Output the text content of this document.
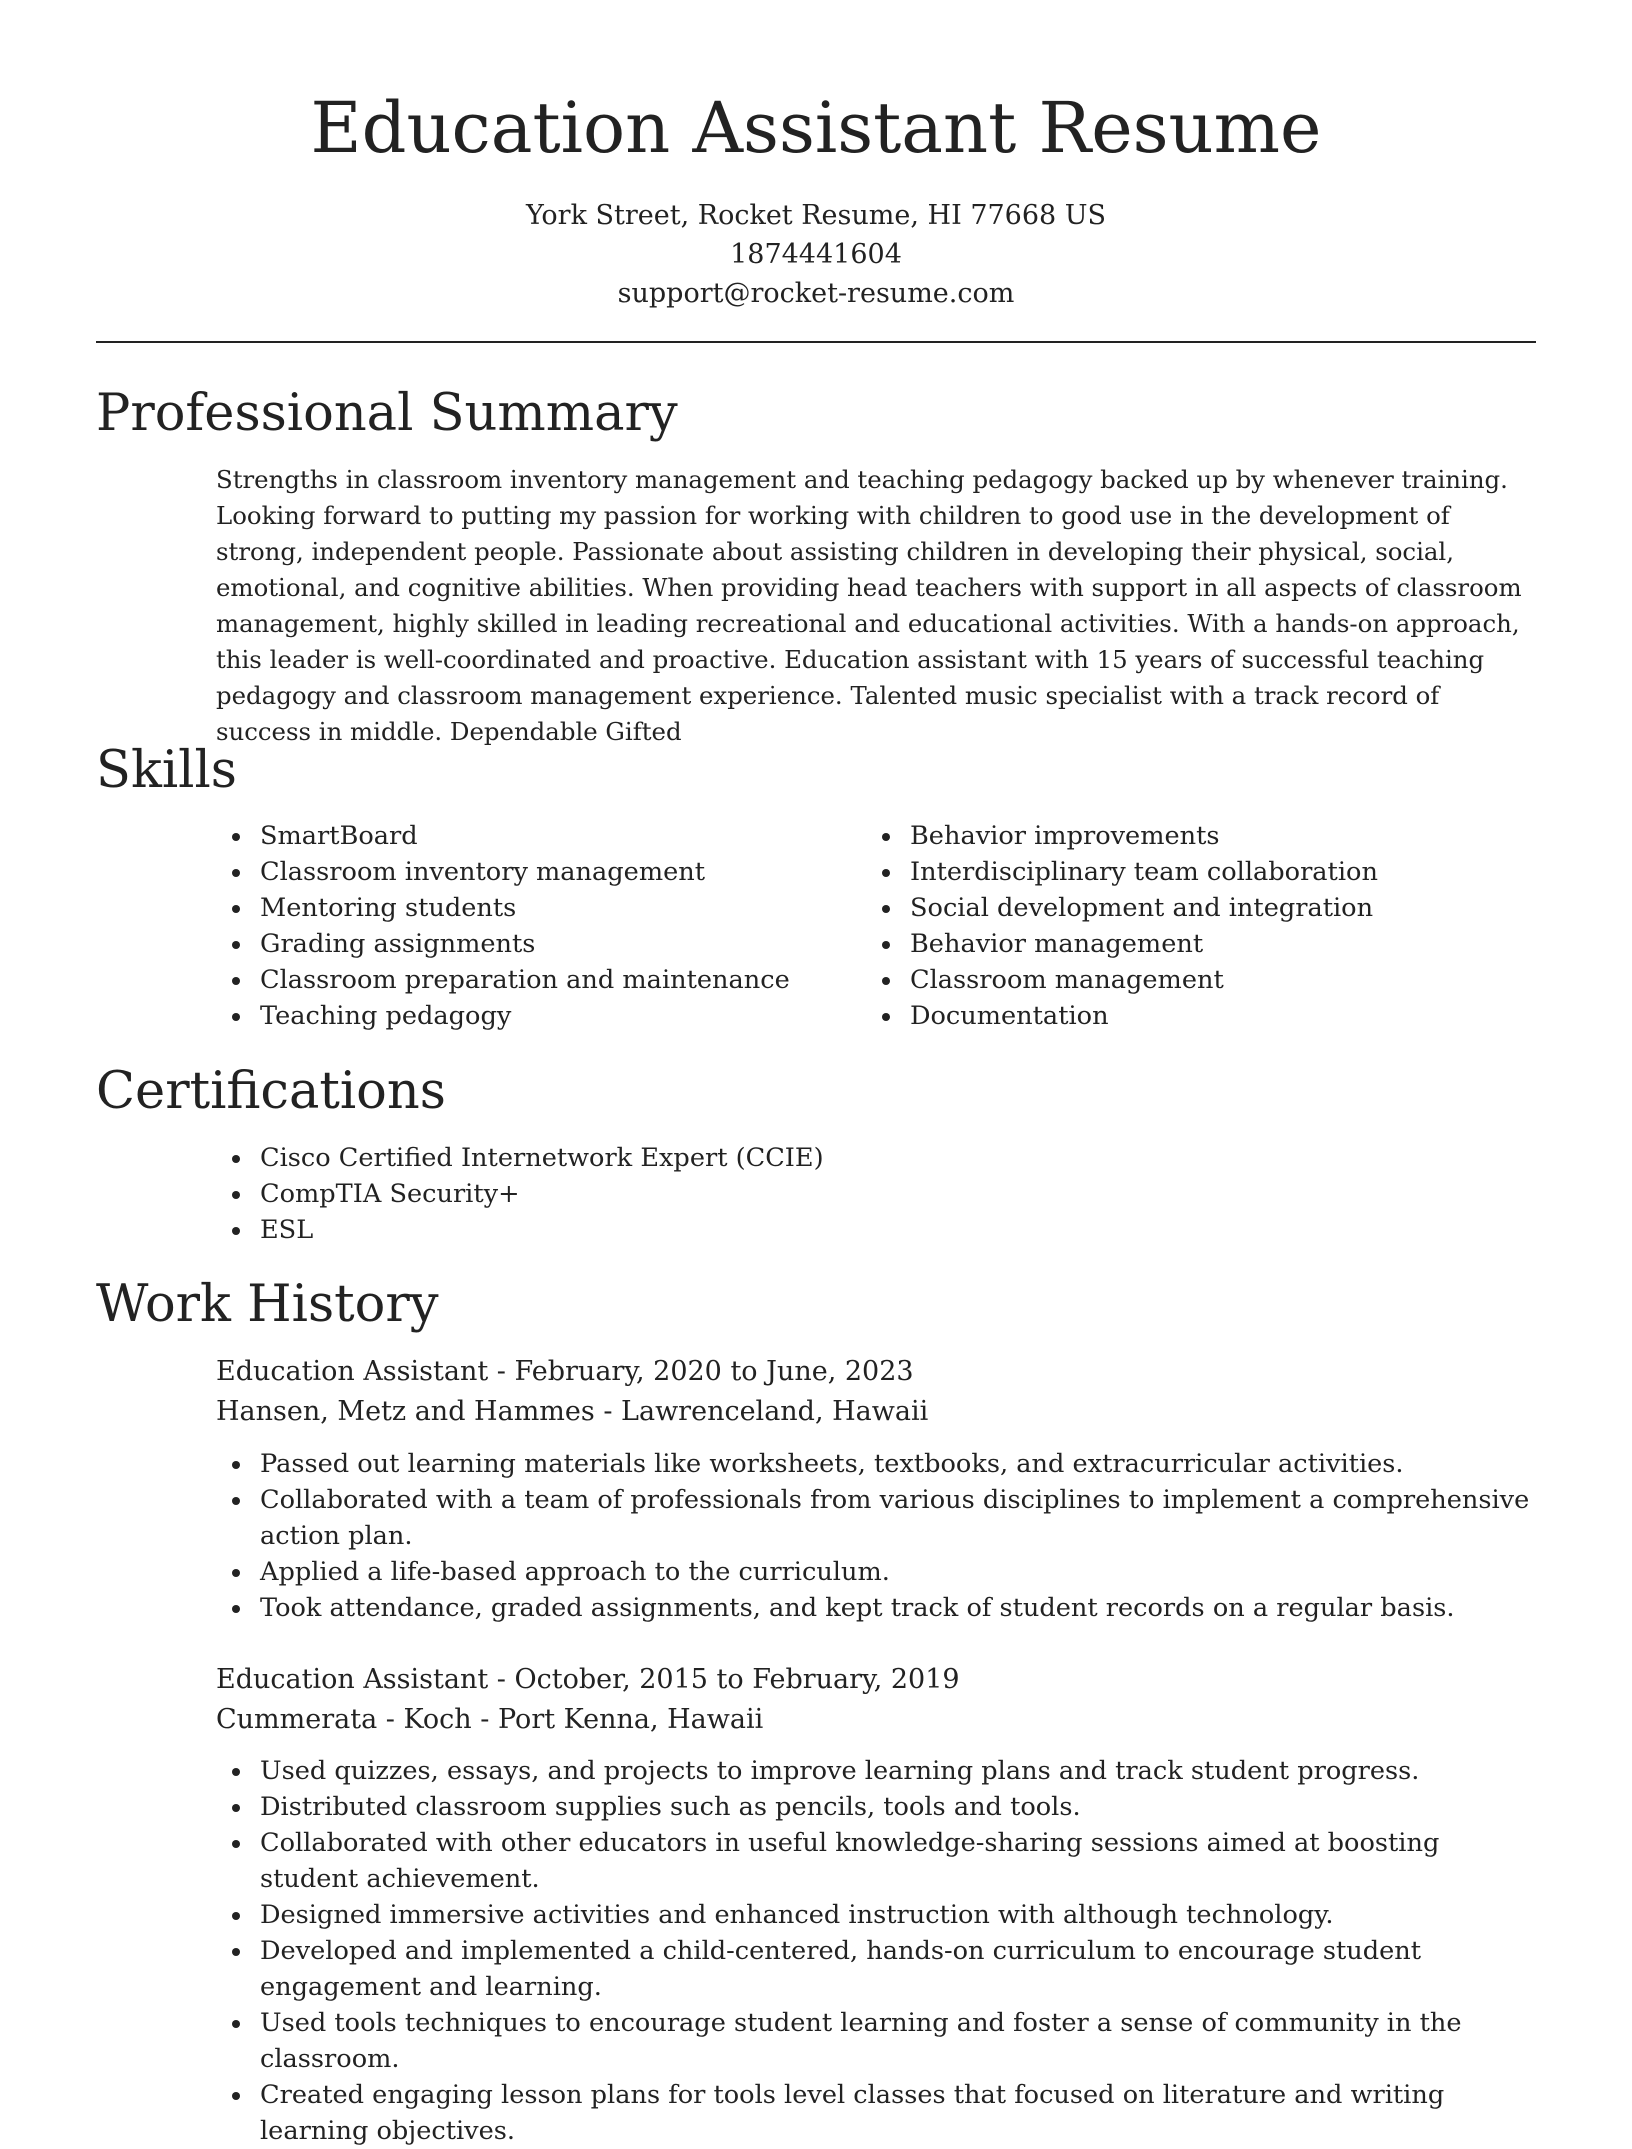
Education Assistant Resume
York Street, Rocket Resume, HI 77668 US
1874441604
support@rocket-resume.com
Professional Summary

Strengths in classroom inventory management and teaching pedagogy backed up by whenever training. Looking forward to putting my passion for working with children to good use in the development of strong, independent people. Passionate about assisting children in developing their physical, social, emotional, and cognitive abilities. When providing head teachers with support in all aspects of classroom management, highly skilled in leading recreational and educational activities. With a hands-on approach, this leader is well-coordinated and proactive. Education assistant with 15 years of successful teaching pedagogy and classroom management experience. Talented music specialist with a track record of success in middle. Dependable Gifted

Skills
SmartBoard
Classroom inventory management
Mentoring students
Grading assignments
Classroom preparation and maintenance
Teaching pedagogy
Behavior improvements
Interdisciplinary team collaboration
Social development and integration
Behavior management
Classroom management
Documentation
Certifications
Cisco Certified Internetwork Expert (CCIE)
CompTIA Security+
ESL
Work History
Education Assistant - February, 2020 to June, 2023
Hansen, Metz and Hammes - Lawrenceland, Hawaii
Passed out learning materials like worksheets, textbooks, and extracurricular activities.
Collaborated with a team of professionals from various disciplines to implement a comprehensive action plan.
Applied a life-based approach to the curriculum.
Took attendance, graded assignments, and kept track of student records on a regular basis.
Education Assistant - October, 2015 to February, 2019
Cummerata - Koch - Port Kenna, Hawaii
Used quizzes, essays, and projects to improve learning plans and track student progress.
Distributed classroom supplies such as pencils, tools and tools.
Collaborated with other educators in useful knowledge-sharing sessions aimed at boosting student achievement.
Designed immersive activities and enhanced instruction with although technology.
Developed and implemented a child-centered, hands-on curriculum to encourage student engagement and learning.
Used tools techniques to encourage student learning and foster a sense of community in the classroom.
Created engaging lesson plans for tools level classes that focused on literature and writing learning objectives.
